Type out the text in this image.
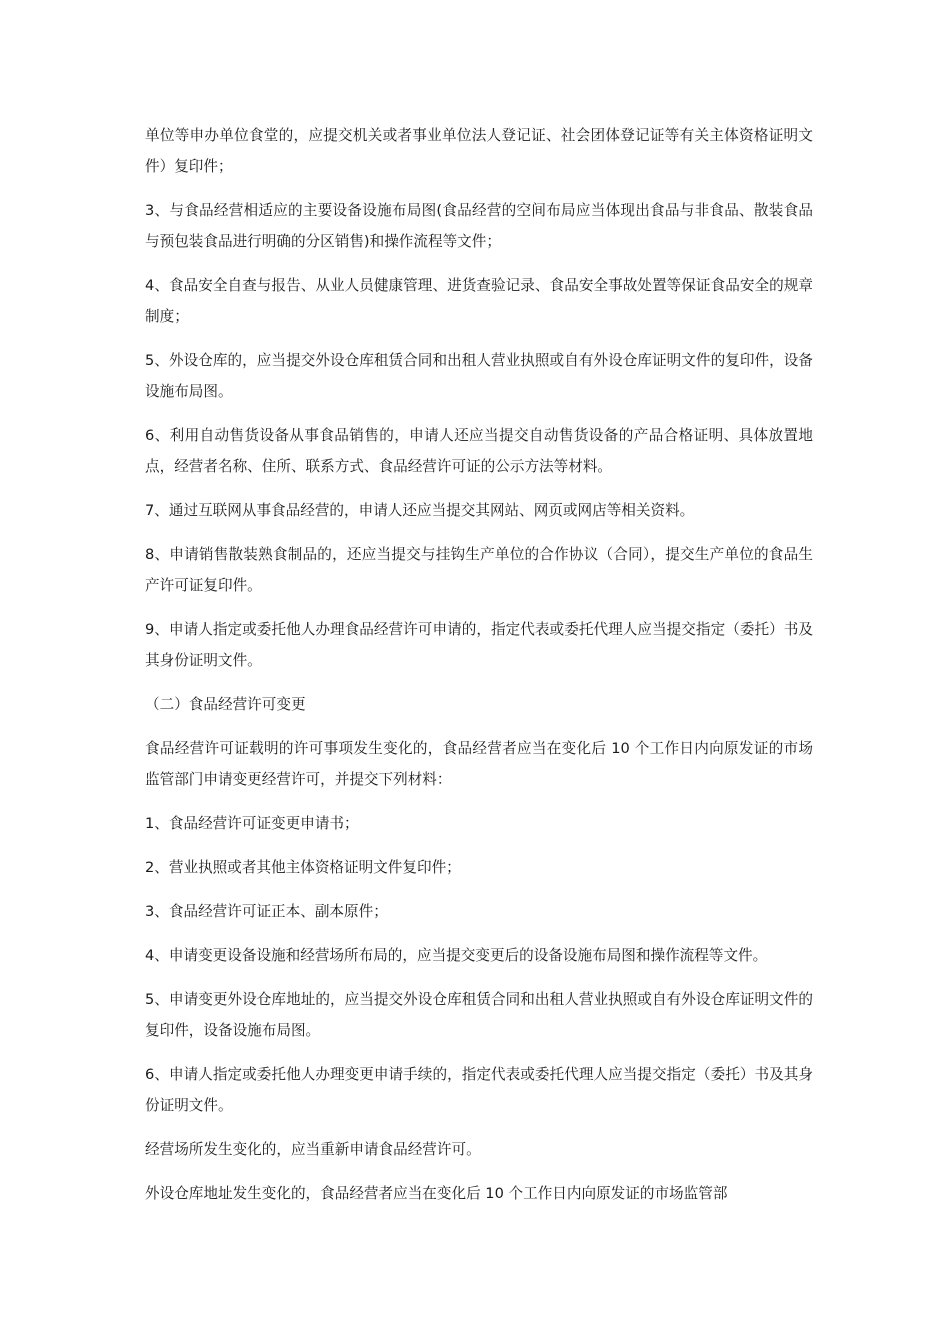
单位等申办单位食堂的，应提交机关或者事业单位法人登记证、社会团体登记证等有关主体资格证明文件）复印件；

3、与食品经营相适应的主要设备设施布局图(食品经营的空间布局应当体现出食品与非食品、散装食品与预包装食品进行明确的分区销售)和操作流程等文件；

4、食品安全自查与报告、从业人员健康管理、进货查验记录、食品安全事故处置等保证食品安全的规章制度；

5、外设仓库的，应当提交外设仓库租赁合同和出租人营业执照或自有外设仓库证明文件的复印件，设备设施布局图。

6、利用自动售货设备从事食品销售的，申请人还应当提交自动售货设备的产品合格证明、具体放置地点，经营者名称、住所、联系方式、食品经营许可证的公示方法等材料。

7、通过互联网从事食品经营的，申请人还应当提交其网站、网页或网店等相关资料。

8、申请销售散装熟食制品的，还应当提交与挂钩生产单位的合作协议（合同），提交生产单位的食品生产许可证复印件。

9、申请人指定或委托他人办理食品经营许可申请的，指定代表或委托代理人应当提交指定（委托）书及其身份证明文件。

（二）食品经营许可变更

食品经营许可证载明的许可事项发生变化的，食品经营者应当在变化后 10 个工作日内向原发证的市场监管部门申请变更经营许可，并提交下列材料：

1、食品经营许可证变更申请书；

2、营业执照或者其他主体资格证明文件复印件；

3、食品经营许可证正本、副本原件；

4、申请变更设备设施和经营场所布局的，应当提交变更后的设备设施布局图和操作流程等文件。

5、申请变更外设仓库地址的，应当提交外设仓库租赁合同和出租人营业执照或自有外设仓库证明文件的复印件，设备设施布局图。

6、申请人指定或委托他人办理变更申请手续的，指定代表或委托代理人应当提交指定（委托）书及其身份证明文件。

经营场所发生变化的，应当重新申请食品经营许可。

外设仓库地址发生变化的，食品经营者应当在变化后 10 个工作日内向原发证的市场监管部
